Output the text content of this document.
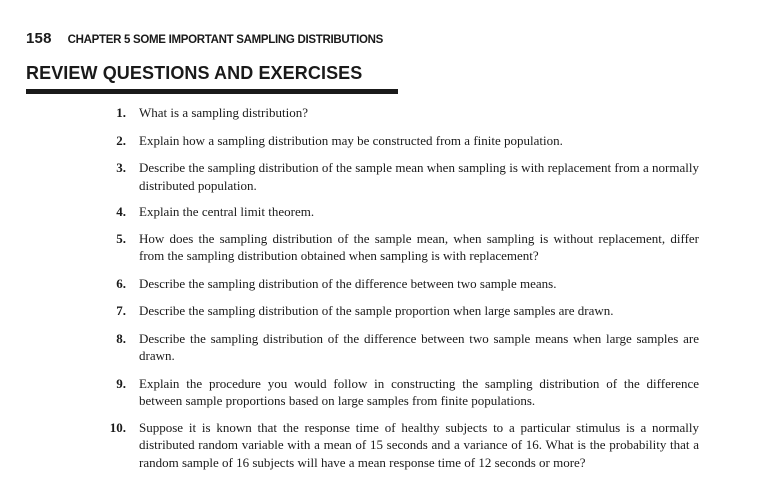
158 CHAPTER 5 SOME IMPORTANT SAMPLING DISTRIBUTIONS
REVIEW QUESTIONS AND EXERCISES
1. What is a sampling distribution?
2. Explain how a sampling distribution may be constructed from a finite population.
3. Describe the sampling distribution of the sample mean when sampling is with replacement from a normally distributed population.
4. Explain the central limit theorem.
5. How does the sampling distribution of the sample mean, when sampling is without replacement, differ from the sampling distribution obtained when sampling is with replacement?
6. Describe the sampling distribution of the difference between two sample means.
7. Describe the sampling distribution of the sample proportion when large samples are drawn.
8. Describe the sampling distribution of the difference between two sample means when large samples are drawn.
9. Explain the procedure you would follow in constructing the sampling distribution of the difference between sample proportions based on large samples from finite populations.
10. Suppose it is known that the response time of healthy subjects to a particular stimulus is a normally distributed random variable with a mean of 15 seconds and a variance of 16. What is the probability that a random sample of 16 subjects will have a mean response time of 12 seconds or more?
